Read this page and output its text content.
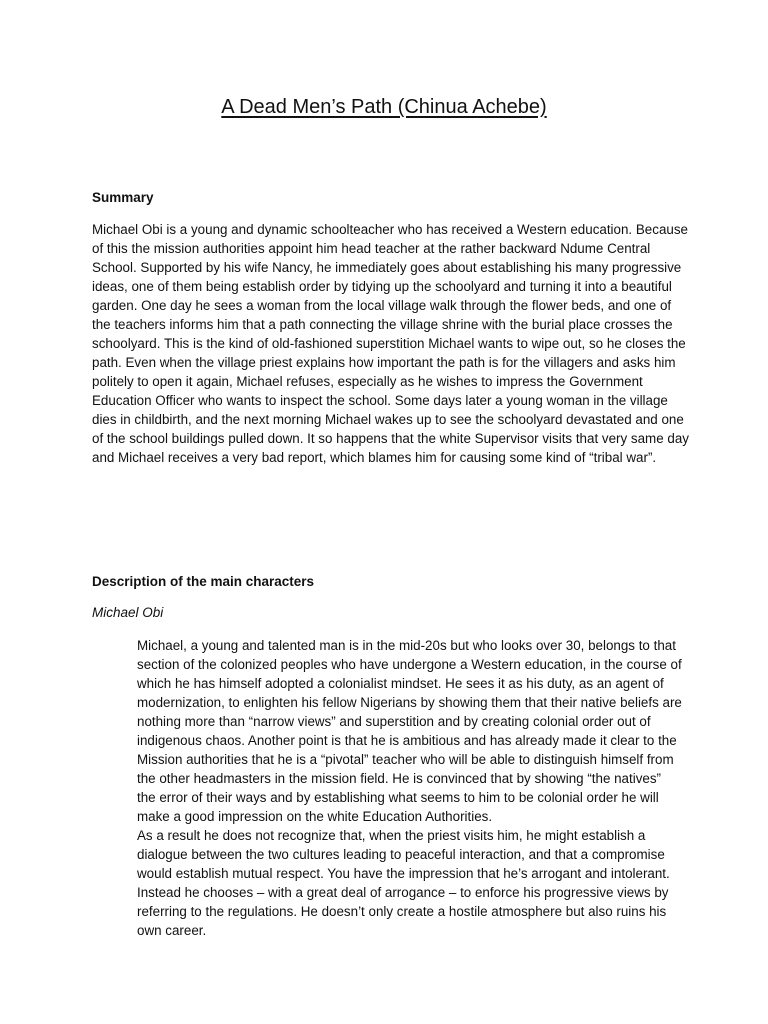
A Dead Men’s Path (Chinua Achebe)
Summary

Michael Obi is a young and dynamic schoolteacher who has received a Western education. Because of this the mission authorities appoint him head teacher at the rather backward Ndume Central School. Supported by his wife Nancy, he immediately goes about establishing his many progressive ideas, one of them being establish order by tidying up the schoolyard and turning it into a beautiful garden. One day he sees a woman from the local village walk through the flower beds, and one of the teachers informs him that a path connecting the village shrine with the burial place crosses the schoolyard. This is the kind of old-fashioned superstition Michael wants to wipe out, so he closes the path. Even when the village priest explains how important the path is for the villagers and asks him politely to open it again, Michael refuses, especially as he wishes to impress the Government Education Officer who wants to inspect the school. Some days later a young woman in the village dies in childbirth, and the next morning Michael wakes up to see the schoolyard devastated and one of the school buildings pulled down. It so happens that the white Supervisor visits that very same day and Michael receives a very bad report, which blames him for causing some kind of “tribal war”.

Description of the main characters
Michael Obi

Michael, a young and talented man is in the mid-20s but who looks over 30, belongs to that section of the colonized peoples who have undergone a Western education, in the course of which he has himself adopted a colonialist mindset. He sees it as his duty, as an agent of modernization, to enlighten his fellow Nigerians by showing them that their native beliefs are nothing more than “narrow views” and superstition and by creating colonial order out of indigenous chaos. Another point is that he is ambitious and has already made it clear to the Mission authorities that he is a “pivotal” teacher who will be able to distinguish himself from the other headmasters in the mission field. He is convinced that by showing “the natives” the error of their ways and by establishing what seems to him to be colonial order he will make a good impression on the white Education Authorities.

As a result he does not recognize that, when the priest visits him, he might establish a dialogue between the two cultures leading to peaceful interaction, and that a compromise would establish mutual respect. You have the impression that he’s arrogant and intolerant. Instead he chooses – with a great deal of arrogance – to enforce his progressive views by referring to the regulations. He doesn’t only create a hostile atmosphere but also ruins his own career.
